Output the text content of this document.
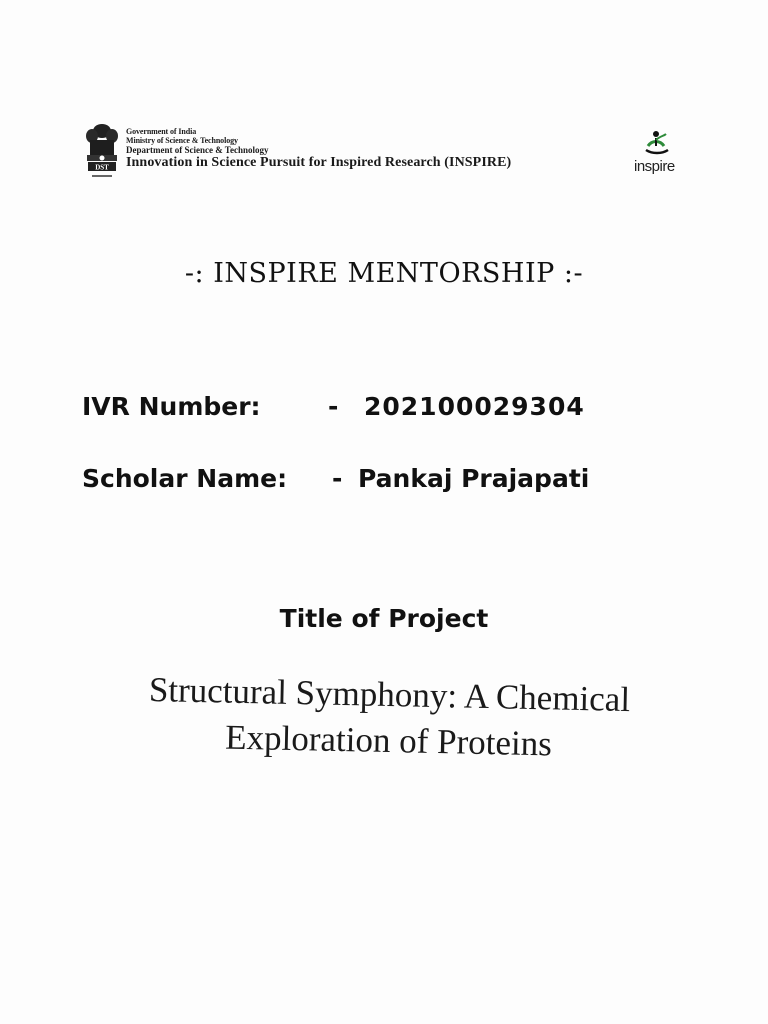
DST
Government of India
Ministry of Science & Technology
Department of Science & Technology
Innovation in Science Pursuit for Inspired Research (INSPIRE)	inspire
-: INSPIRE MENTORSHIP :-
IVR Number:	- 202100029304
Scholar Name: - Pankaj Prajapati
Title of Project
Structural Symphony: A Chemical
Exploration of Proteins
